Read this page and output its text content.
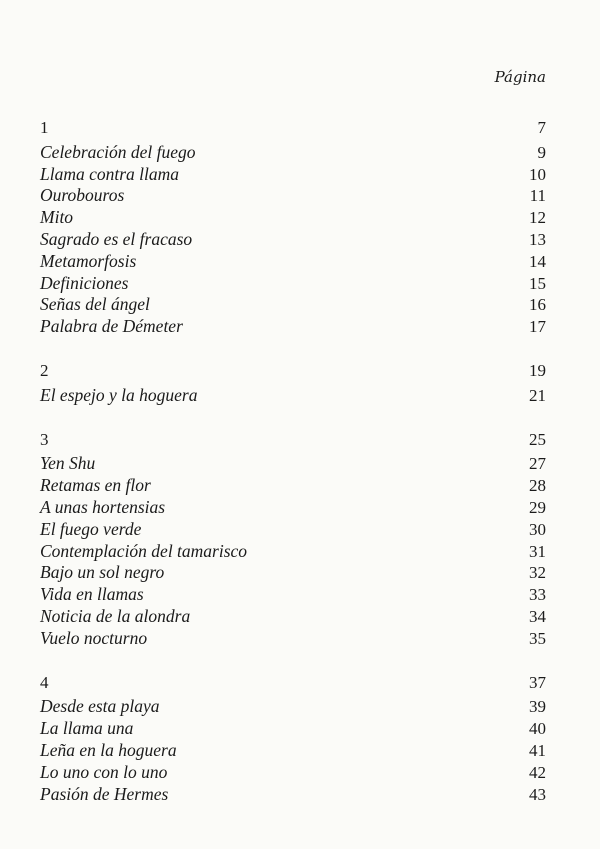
Página
1	7
Celebración del fuego	9
Llama contra llama	10
Ourobouros	11
Mito	12
Sagrado es el fracaso	13
Metamorfosis	14
Definiciones	15
Señas del ángel	16
Palabra de Démeter	17
2	19
El espejo y la hoguera	21
3	25
Yen Shu	27
Retamas en flor	28
A unas hortensias	29
El fuego verde	30
Contemplación del tamarisco	31
Bajo un sol negro	32
Vida en llamas	33
Noticia de la alondra	34
Vuelo nocturno	35
4	37
Desde esta playa	39
La llama una	40
Leña en la hoguera	41
Lo uno con lo uno	42
Pasión de Hermes	43
